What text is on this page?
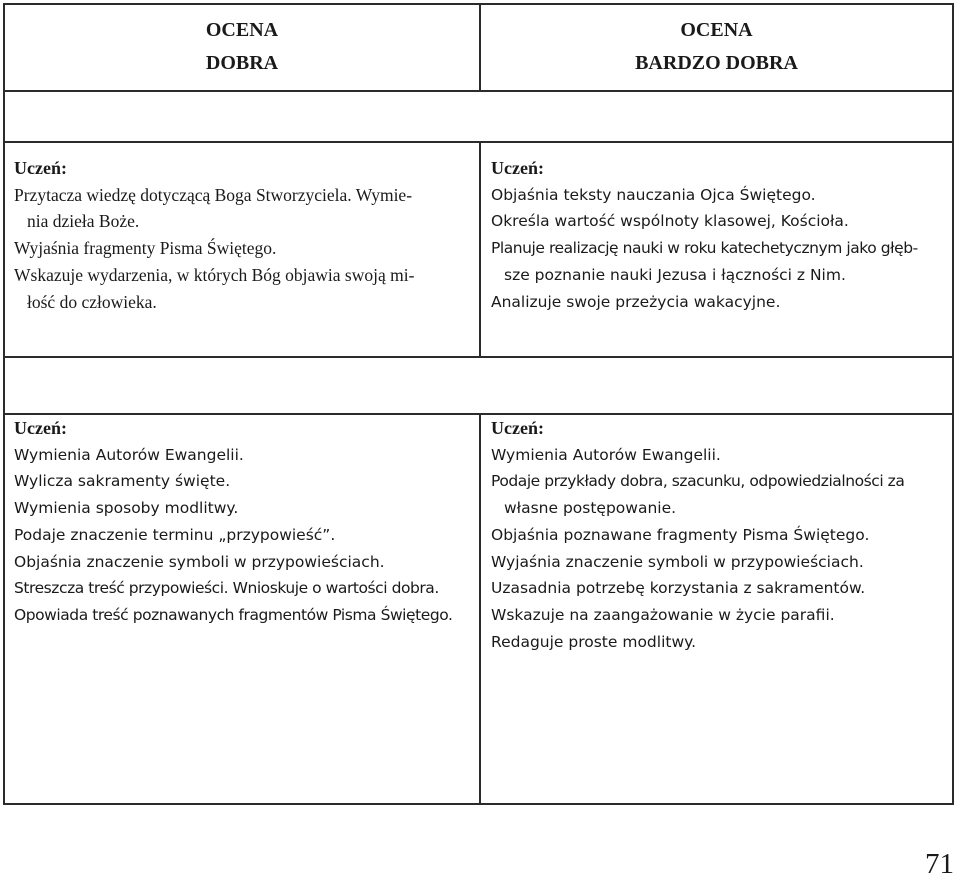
OCENA
DOBRA
OCENA
BARDZO DOBRA
Uczeń:
Przytacza wiedzę dotyczącą Boga Stworzyciela. Wymie-
nia dzieła Boże.
Wyjaśnia fragmenty Pisma Świętego.
Wskazuje wydarzenia, w których Bóg objawia swoją mi-
łość do człowieka.
Uczeń:
Objaśnia teksty nauczania Ojca Świętego.
Określa wartość wspólnoty klasowej, Kościoła.
Planuje realizację nauki w roku katechetycznym jako głęb-
sze poznanie nauki Jezusa i łączności z Nim.
Analizuje swoje przeżycia wakacyjne.
Uczeń:
Wymienia Autorów Ewangelii.
Wylicza sakramenty święte.
Wymienia sposoby modlitwy.
Podaje znaczenie terminu „przypowieść”.
Objaśnia znaczenie symboli w przypowieściach.
Streszcza treść przypowieści. Wnioskuje o wartości dobra.
Opowiada treść poznawanych fragmentów Pisma Świętego.
Uczeń:
Wymienia Autorów Ewangelii.
Podaje przykłady dobra, szacunku, odpowiedzialności za
własne postępowanie.
Objaśnia poznawane fragmenty Pisma Świętego.
Wyjaśnia znaczenie symboli w przypowieściach.
Uzasadnia potrzebę korzystania z sakramentów.
Wskazuje na zaangażowanie w życie parafii.
Redaguje proste modlitwy.
71
